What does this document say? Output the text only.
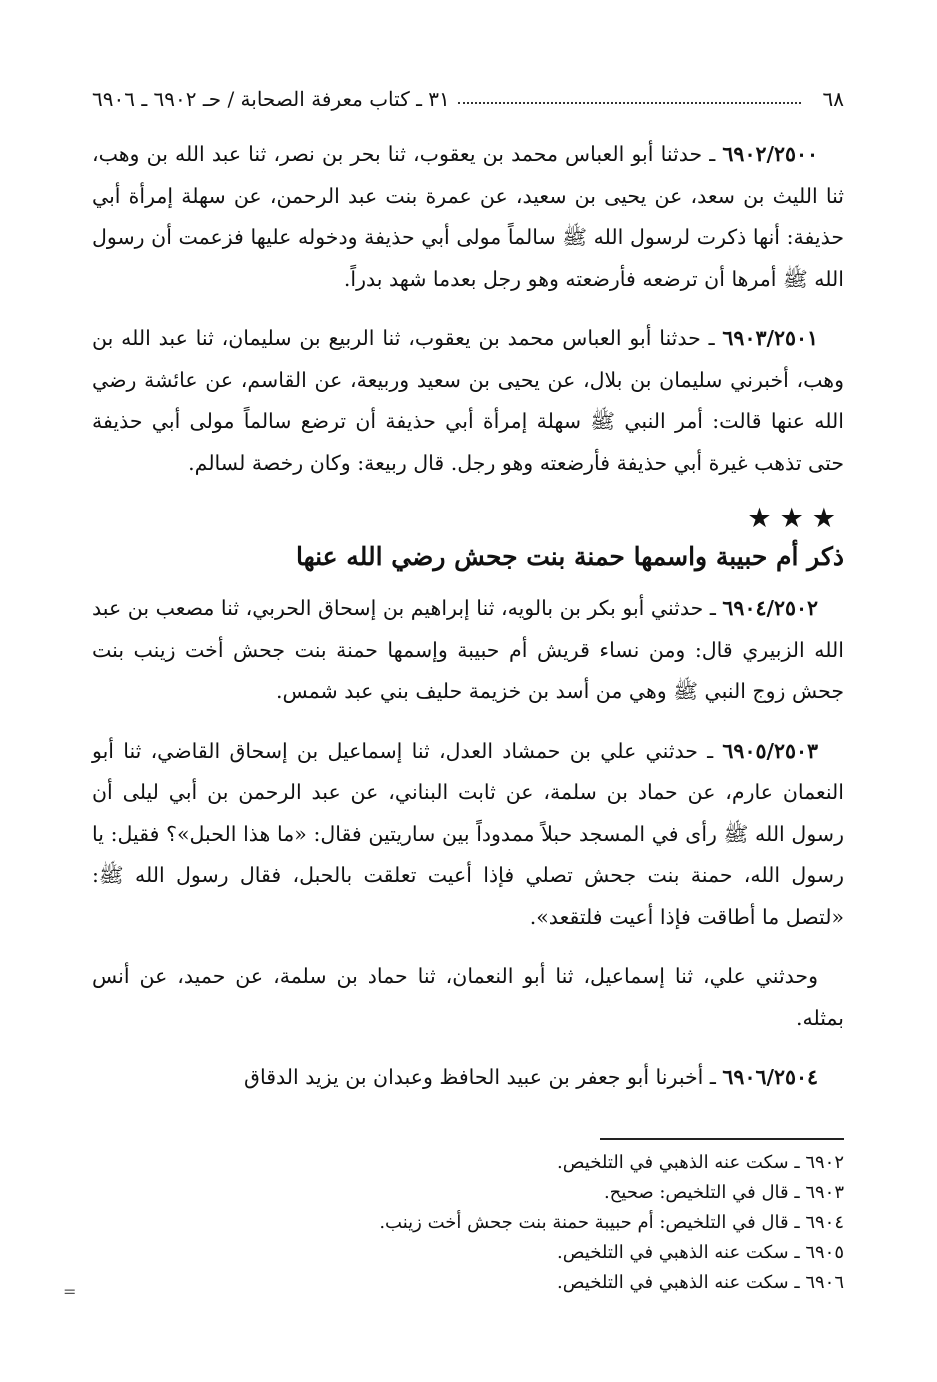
٦٨
٣١ ـ كتاب معرفة الصحابة / حـ ٦٩٠٢ ـ ٦٩٠٦

٦٩٠٢/٢٥٠٠ ـ حدثنا أبو العباس محمد بن يعقوب، ثنا بحر بن نصر، ثنا عبد الله بن وهب، ثنا الليث بن سعد، عن يحيى بن سعيد، عن عمرة بنت عبد الرحمن، عن سهلة إمرأة أبي حذيفة: أنها ذكرت لرسول الله ﷺ سالماً مولى أبي حذيفة ودخوله عليها فزعمت أن رسول الله ﷺ أمرها أن ترضعه فأرضعته وهو رجل بعدما شهد بدراً.

٦٩٠٣/٢٥٠١ ـ حدثنا أبو العباس محمد بن يعقوب، ثنا الربيع بن سليمان، ثنا عبد الله بن وهب، أخبرني سليمان بن بلال، عن يحيى بن سعيد وربيعة، عن القاسم، عن عائشة رضي الله عنها قالت: أمر النبي ﷺ سهلة إمرأة أبي حذيفة أن ترضع سالماً مولى أبي حذيفة حتى تذهب غيرة أبي حذيفة فأرضعته وهو رجل. قال ربيعة: وكان رخصة لسالم.

★★★
ذكر أم حبيبة واسمها حمنة بنت جحش رضي الله عنها

٦٩٠٤/٢٥٠٢ ـ حدثني أبو بكر بن بالويه، ثنا إبراهيم بن إسحاق الحربي، ثنا مصعب بن عبد الله الزبيري قال: ومن نساء قريش أم حبيبة وإسمها حمنة بنت جحش أخت زينب بنت جحش زوج النبي ﷺ وهي من أسد بن خزيمة حليف بني عبد شمس.

٦٩٠٥/٢٥٠٣ ـ حدثني علي بن حمشاد العدل، ثنا إسماعيل بن إسحاق القاضي، ثنا أبو النعمان عارم، عن حماد بن سلمة، عن ثابت البناني، عن عبد الرحمن بن أبي ليلى أن رسول الله ﷺ رأى في المسجد حبلاً ممدوداً بين ساريتين فقال: «ما هذا الحبل»؟ فقيل: يا رسول الله، حمنة بنت جحش تصلي فإذا أعيت تعلقت بالحبل، فقال رسول الله ﷺ: «لتصل ما أطاقت فإذا أعيت فلتقعد».

وحدثني علي، ثنا إسماعيل، ثنا أبو النعمان، ثنا حماد بن سلمة، عن حميد، عن أنس بمثله.

٦٩٠٦/٢٥٠٤ ـ أخبرنا أبو جعفر بن عبيد الحافظ وعبدان بن يزيد الدقاق

٦٩٠٢ ـ سكت عنه الذهبي في التلخيص.
٦٩٠٣ ـ قال في التلخيص: صحيح.
٦٩٠٤ ـ قال في التلخيص: أم حبيبة حمنة بنت جحش أخت زينب.
٦٩٠٥ ـ سكت عنه الذهبي في التلخيص.
٦٩٠٦ ـ سكت عنه الذهبي في التلخيص.
=
